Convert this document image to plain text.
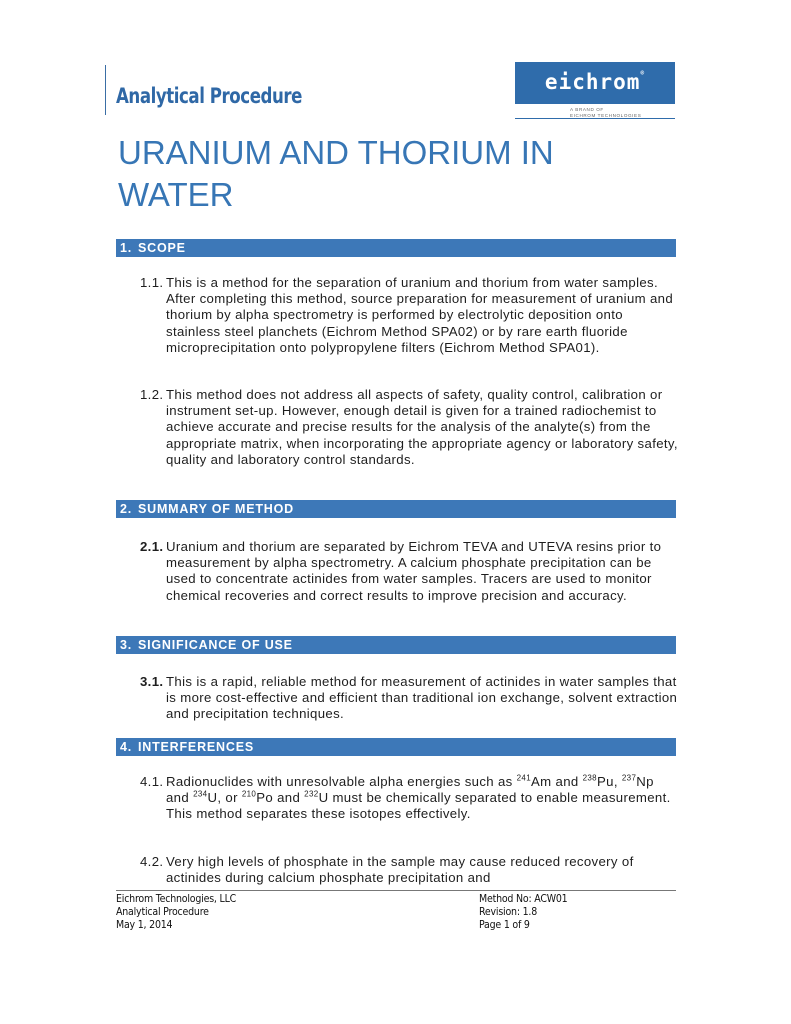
Analytical Procedure
eichrom®
A BRAND OF
EICHROM TECHNOLOGIES
URANIUM AND THORIUM IN WATER
1. SCOPE
1.1. This is a method for the separation of uranium and thorium from water samples. After completing this method, source preparation for measurement of uranium and thorium by alpha spectrometry is performed by electrolytic deposition onto stainless steel planchets (Eichrom Method SPA02) or by rare earth fluoride microprecipitation onto polypropylene filters (Eichrom Method SPA01).
1.2. This method does not address all aspects of safety, quality control, calibration or instrument set-up. However, enough detail is given for a trained radiochemist to achieve accurate and precise results for the analysis of the analyte(s) from the appropriate matrix, when incorporating the appropriate agency or laboratory safety, quality and laboratory control standards.
2. SUMMARY OF METHOD
2.1. Uranium and thorium are separated by Eichrom TEVA and UTEVA resins prior to measurement by alpha spectrometry. A calcium phosphate precipitation can be used to concentrate actinides from water samples. Tracers are used to monitor chemical recoveries and correct results to improve precision and accuracy.
3. SIGNIFICANCE OF USE
3.1. This is a rapid, reliable method for measurement of actinides in water samples that is more cost-effective and efficient than traditional ion exchange, solvent extraction and precipitation techniques.
4. INTERFERENCES
4.1. Radionuclides with unresolvable alpha energies such as $^{241}$Am and $^{238}$Pu, $^{237}$Np and $^{234}$U, or $^{210}$Po and $^{232}$U must be chemically separated to enable measurement. This method separates these isotopes effectively.
4.2. Very high levels of phosphate in the sample may cause reduced recovery of actinides during calcium phosphate precipitation and
Eichrom Technologies, LLC
Analytical Procedure
May 1, 2014
Method No: ACW01
Revision: 1.8
Page 1 of 9
